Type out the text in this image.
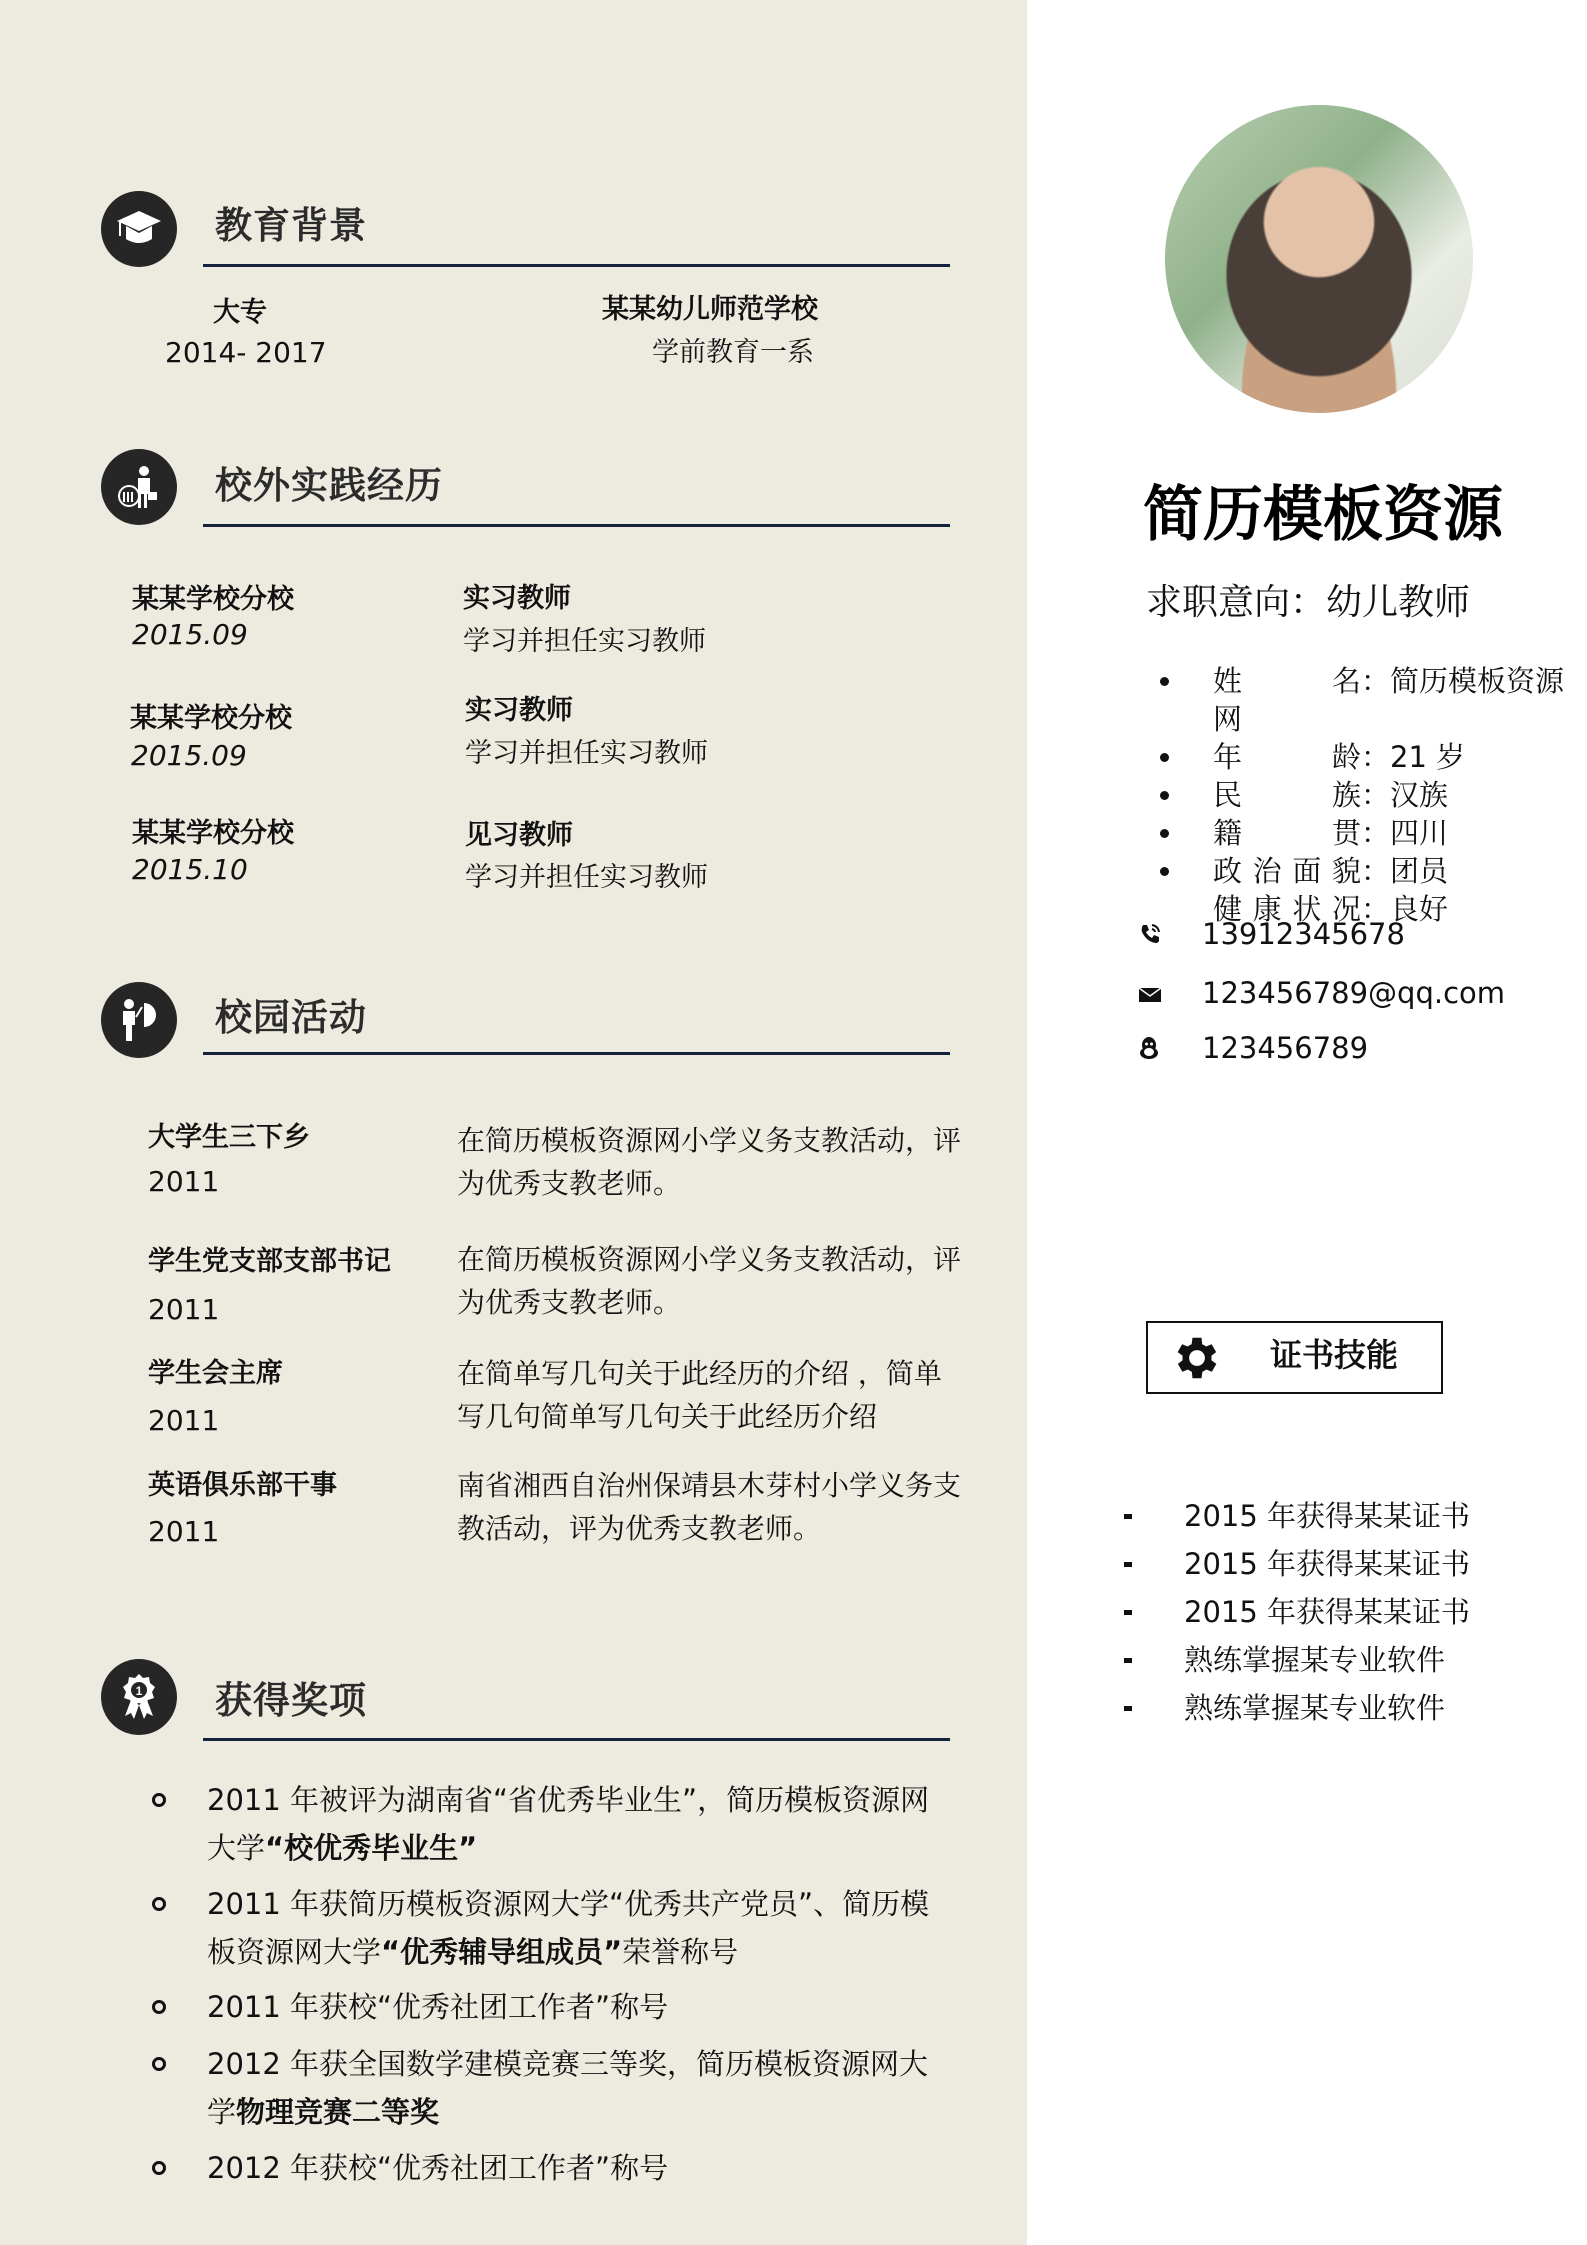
教育背景
大专
2014- 2017
某某幼儿师范学校
学前教育一系
校外实践经历
某某学校分校
2015.09
实习教师
学习并担任实习教师
某某学校分校
2015.09
实习教师
学习并担任实习教师
某某学校分校
2015.10
见习教师
学习并担任实习教师
校园活动
大学生三下乡
2011
在简历模板资源网小学义务支教活动，评为优秀支教老师。
学生党支部支部书记
2011
在简历模板资源网小学义务支教活动，评为优秀支教老师。
学生会主席
2011
在简单写几句关于此经历的介绍 ，简单写几句简单写几句关于此经历介绍
英语俱乐部干事
2011
南省湘西自治州保靖县木芽村小学义务支教活动，评为优秀支教老师。
1 获得奖项
2011 年被评为湖南省“省优秀毕业生”，简历模板资源网大学“校优秀毕业生”
2011 年获简历模板资源网大学“优秀共产党员”、简历模板资源网大学“优秀辅导组成员”荣誉称号
2011 年获校“优秀社团工作者”称号
2012 年获全国数学建模竞赛三等奖，简历模板资源网大学物理竞赛二等奖
2012 年获校“优秀社团工作者”称号
简历模板资源
求职意向：幼儿教师
姓名：简历模板资源网
年龄：21 岁
民族：汉族
籍贯：四川
政治面貌：团员
健康状况：良好
13912345678
123456789@qq.com
123456789
证书技能
2015 年获得某某证书
2015 年获得某某证书
2015 年获得某某证书
熟练掌握某专业软件
熟练掌握某专业软件
